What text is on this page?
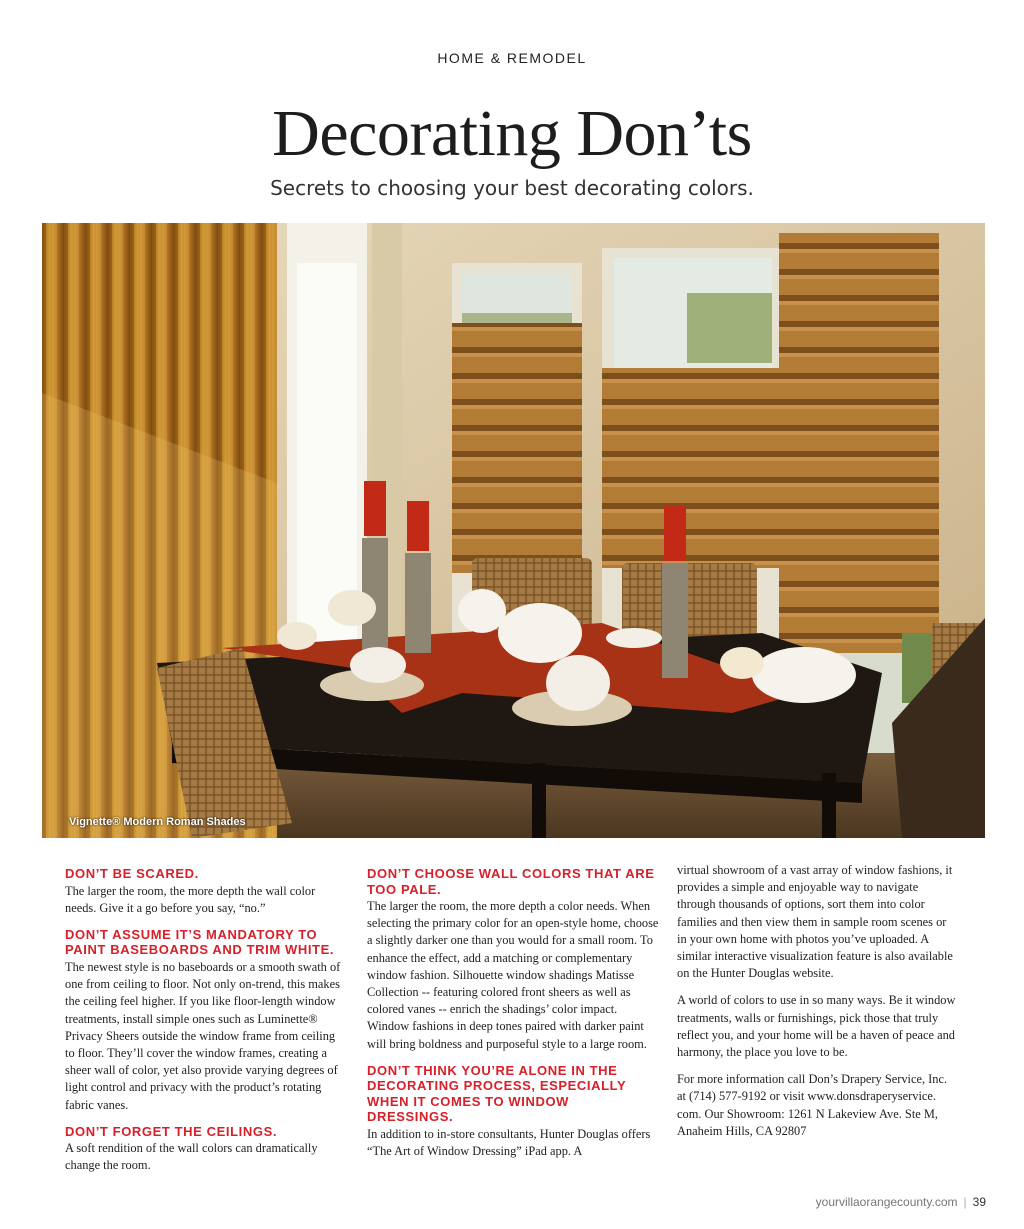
HOME & REMODEL
Decorating Don’ts
Secrets to choosing your best decorating colors.
Vignette® Modern Roman Shades
DON’T BE SCARED.

The larger the room, the more depth the wall color needs. Give it a go before you say, “no.”

DON’T ASSUME IT’S MANDATORY TO PAINT BASEBOARDS AND TRIM WHITE.

The newest style is no baseboards or a smooth swath of one from ceiling to floor. Not only on-trend, this makes the ceiling feel higher. If you like floor-length window treatments, install simple ones such as Luminette® Privacy Sheers outside the window frame from ceiling to floor. They’ll cover the window frames, creating a sheer wall of color, yet also provide varying degrees of light control and privacy with the product’s rotating fabric vanes.

DON’T FORGET THE CEILINGS.

A soft rendition of the wall colors can dramatically change the room.

DON’T CHOOSE WALL COLORS THAT ARE TOO PALE.

The larger the room, the more depth a color needs. When selecting the primary color for an open-style home, choose a slightly darker one than you would for a small room. To enhance the effect, add a matching or complementary window fashion. Silhouette window shadings Matisse Collection -- featuring colored front sheers as well as colored vanes -- enrich the shadings’ color impact. Window fashions in deep tones paired with darker paint will bring boldness and purposeful style to a large room.

DON’T THINK YOU’RE ALONE IN THE DECORATING PROCESS, ESPECIALLY WHEN IT COMES TO WINDOW DRESSINGS.

In addition to in-store consultants, Hunter Douglas offers “The Art of Window Dressing” iPad app. A

virtual showroom of a vast array of window fashions, it provides a simple and enjoyable way to navigate through thousands of options, sort them into color families and then view them in sample room scenes or in your own home with photos you’ve uploaded. A similar interactive visualization feature is also available on the Hunter Douglas website.

A world of colors to use in so many ways. Be it window treatments, walls or furnishings, pick those that truly reflect you, and your home will be a haven of peace and harmony, the place you love to be.

For more information call Don’s Drapery Service, Inc. at (714) 577-9192 or visit www.donsdraperyservice. com. Our Showroom: 1261 N Lakeview Ave. Ste M, Anaheim Hills, CA 92807

yourvillaorangecounty.com | 39
